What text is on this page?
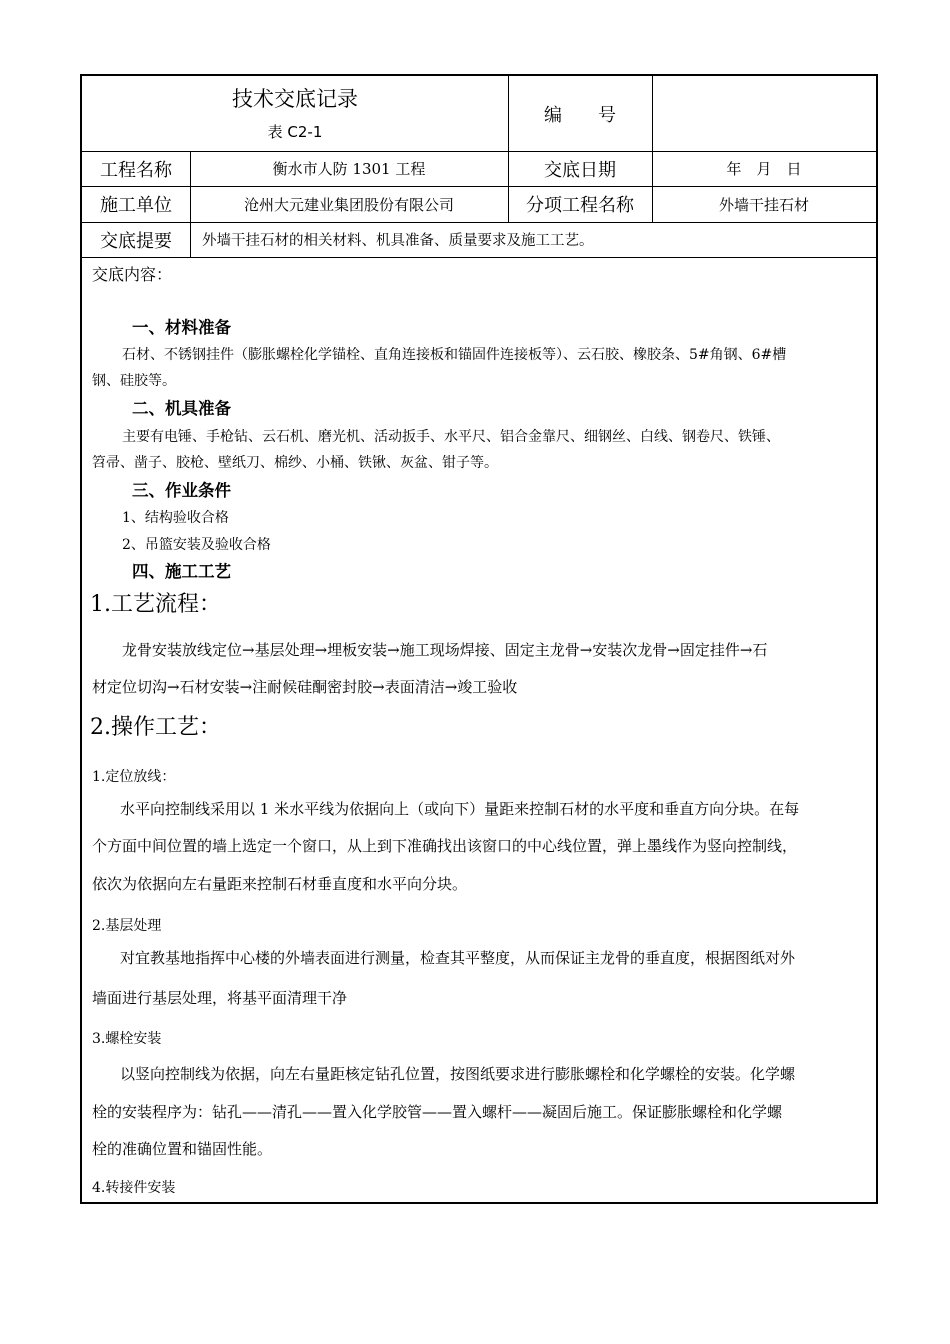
技术交底记录
表 C2-1
编　　号
工程名称	衡水市人防 1301 工程	交底日期	年　月　日
施工单位	沧州大元建业集团股份有限公司	分项工程名称	外墙干挂石材
交底提要	外墙干挂石材的相关材料、机具准备、质量要求及施工工艺。
交底内容：
一、材料准备
石材、不锈钢挂件（膨胀螺栓化学锚栓、直角连接板和锚固件连接板等）、云石胶、橡胶条、5#角钢、6#槽
钢、硅胶等。
二、机具准备
主要有电锤、手枪钻、云石机、磨光机、活动扳手、水平尺、铝合金靠尺、细钢丝、白线、钢卷尺、铁锤、
笤帚、凿子、胶枪、壁纸刀、棉纱、小桶、铁锹、灰盆、钳子等。
三、作业条件
1、结构验收合格
2、吊篮安装及验收合格
四、施工工艺
1.工艺流程：
龙骨安装放线定位→基层处理→埋板安装→施工现场焊接、固定主龙骨→安装次龙骨→固定挂件→石
材定位切沟→石材安装→注耐候硅酮密封胶→表面清洁→竣工验收
2.操作工艺：
1.定位放线：
水平向控制线采用以 1 米水平线为依据向上（或向下）量距来控制石材的水平度和垂直方向分块。在每
个方面中间位置的墙上选定一个窗口，从上到下准确找出该窗口的中心线位置，弹上墨线作为竖向控制线，
依次为依据向左右量距来控制石材垂直度和水平向分块。
2.基层处理
对宜教基地指挥中心楼的外墙表面进行测量，检查其平整度，从而保证主龙骨的垂直度，根据图纸对外
墙面进行基层处理，将基平面清理干净
3.螺栓安装
以竖向控制线为依据，向左右量距核定钻孔位置，按图纸要求进行膨胀螺栓和化学螺栓的安装。化学螺
栓的安装程序为：钻孔——清孔——置入化学胶管——置入螺杆——凝固后施工。保证膨胀螺栓和化学螺
栓的准确位置和锚固性能。
4.转接件安装
